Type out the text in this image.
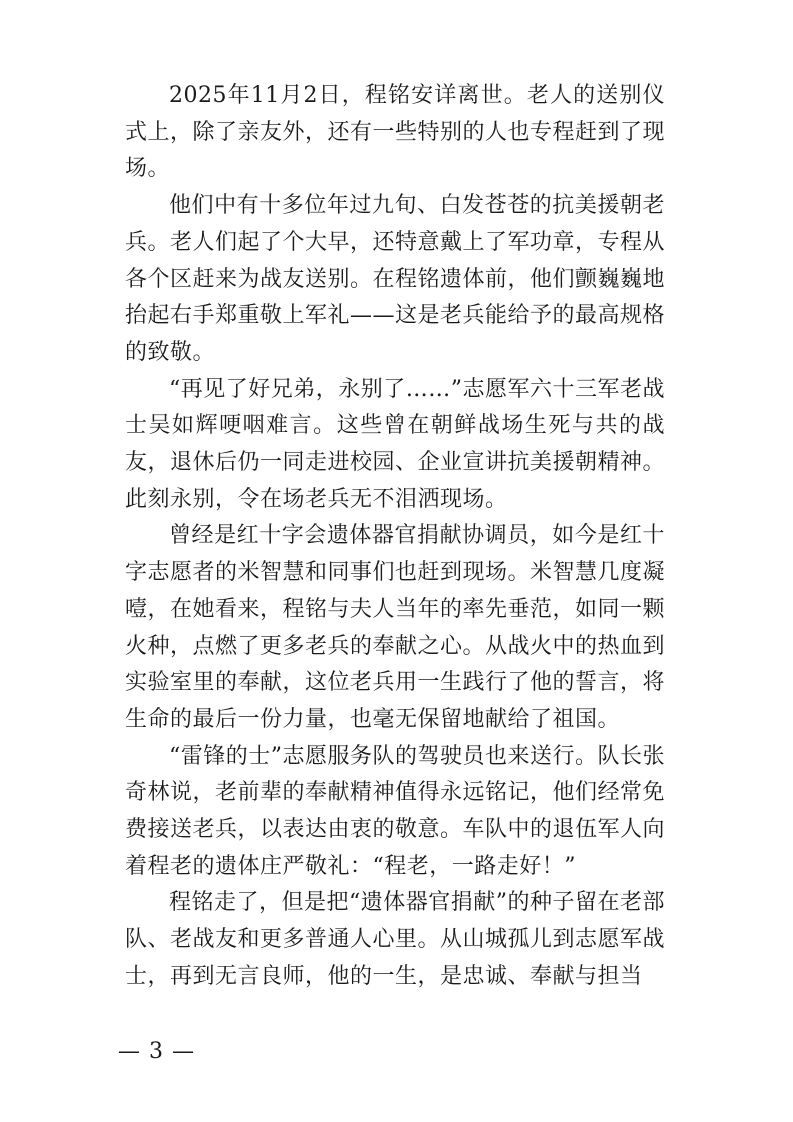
2025年11月2日，程铭安详离世。老人的送别仪式上，除了亲友外，还有一些特别的人也专程赶到了现场。

他们中有十多位年过九旬、白发苍苍的抗美援朝老兵。老人们起了个大早，还特意戴上了军功章，专程从各个区赶来为战友送别。在程铭遗体前，他们颤巍巍地抬起右手郑重敬上军礼——这是老兵能给予的最高规格的致敬。

“再见了好兄弟，永别了……”志愿军六十三军老战士吴如辉哽咽难言。这些曾在朝鲜战场生死与共的战友，退休后仍一同走进校园、企业宣讲抗美援朝精神。此刻永别，令在场老兵无不泪洒现场。

曾经是红十字会遗体器官捐献协调员，如今是红十字志愿者的米智慧和同事们也赶到现场。米智慧几度凝噎，在她看来，程铭与夫人当年的率先垂范，如同一颗火种，点燃了更多老兵的奉献之心。从战火中的热血到实验室里的奉献，这位老兵用一生践行了他的誓言，将生命的最后一份力量，也毫无保留地献给了祖国。

“雷锋的士”志愿服务队的驾驶员也来送行。队长张奇林说，老前辈的奉献精神值得永远铭记，他们经常免费接送老兵，以表达由衷的敬意。车队中的退伍军人向着程老的遗体庄严敬礼：“程老，一路走好！”

程铭走了，但是把“遗体器官捐献”的种子留在老部队、老战友和更多普通人心里。从山城孤儿到志愿军战士，再到无言良师，他的一生，是忠诚、奉献与担当

— 3 —
